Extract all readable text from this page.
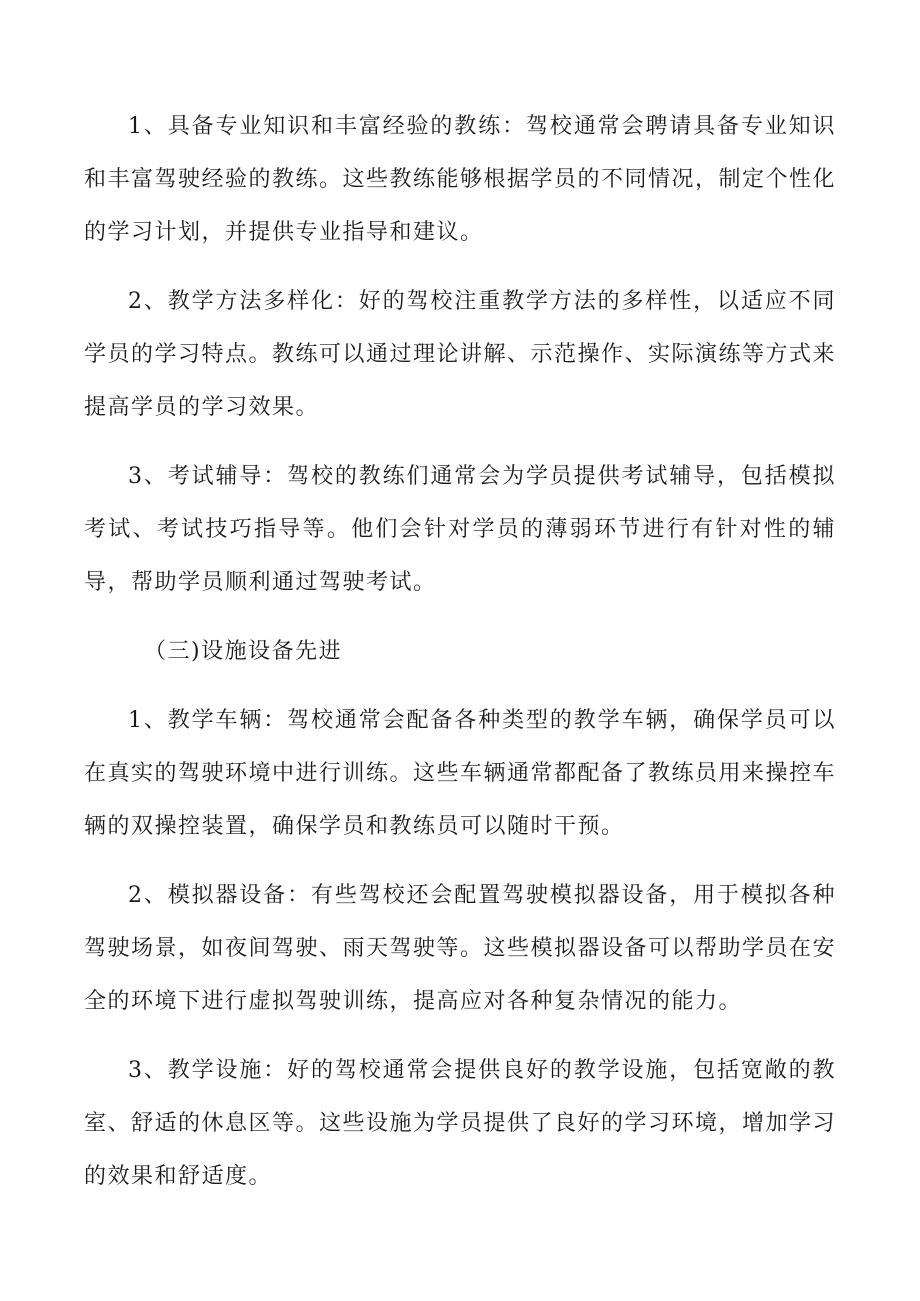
1、具备专业知识和丰富经验的教练：驾校通常会聘请具备专业知识和丰富驾驶经验的教练。这些教练能够根据学员的不同情况，制定个性化的学习计划，并提供专业指导和建议。

2、教学方法多样化：好的驾校注重教学方法的多样性，以适应不同学员的学习特点。教练可以通过理论讲解、示范操作、实际演练等方式来提高学员的学习效果。

3、考试辅导：驾校的教练们通常会为学员提供考试辅导，包括模拟考试、考试技巧指导等。他们会针对学员的薄弱环节进行有针对性的辅导，帮助学员顺利通过驾驶考试。

（三)设施设备先进

1、教学车辆：驾校通常会配备各种类型的教学车辆，确保学员可以在真实的驾驶环境中进行训练。这些车辆通常都配备了教练员用来操控车辆的双操控装置，确保学员和教练员可以随时干预。

2、模拟器设备：有些驾校还会配置驾驶模拟器设备，用于模拟各种驾驶场景，如夜间驾驶、雨天驾驶等。这些模拟器设备可以帮助学员在安全的环境下进行虚拟驾驶训练，提高应对各种复杂情况的能力。

3、教学设施：好的驾校通常会提供良好的教学设施，包括宽敞的教室、舒适的休息区等。这些设施为学员提供了良好的学习环境，增加学习的效果和舒适度。
